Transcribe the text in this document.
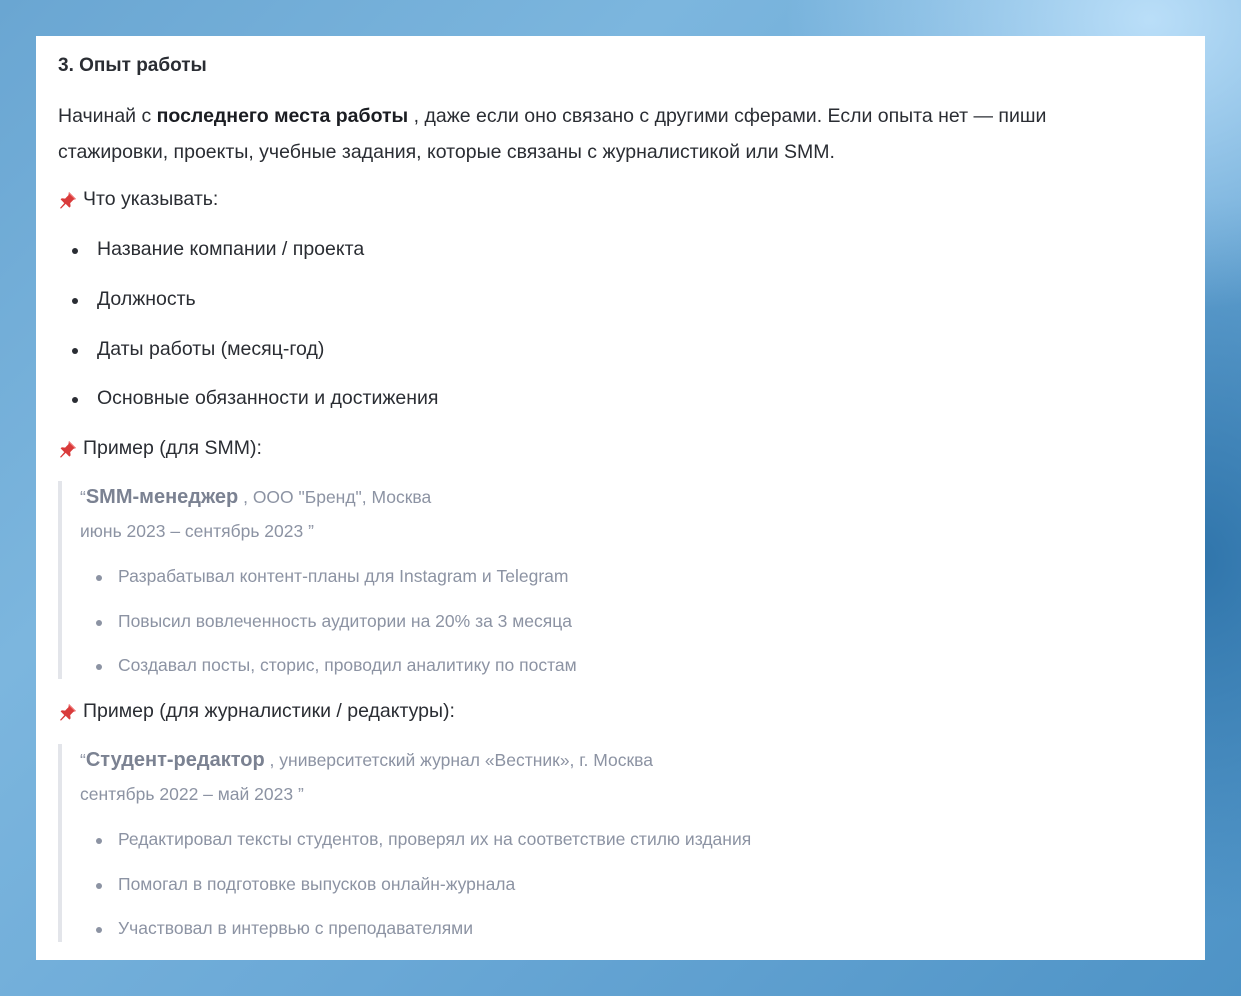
3. Опыт работы
Начинай с последнего места работы , даже если оно связано с другими сферами. Если опыта нет — пиши стажировки, проекты, учебные задания, которые связаны с журналистикой или SMM.
Что указывать:
Название компании / проекта
Должность
Даты работы (месяц-год)
Основные обязанности и достижения
Пример (для SMM):
“SMM-менеджер , ООО "Бренд", Москва
июнь 2023 – сентябрь 2023 ”
Разрабатывал контент-планы для Instagram и Telegram
Повысил вовлеченность аудитории на 20% за 3 месяца
Создавал посты, сторис, проводил аналитику по постам
Пример (для журналистики / редактуры):
“Студент-редактор , университетский журнал «Вестник», г. Москва
сентябрь 2022 – май 2023 ”
Редактировал тексты студентов, проверял их на соответствие стилю издания
Помогал в подготовке выпусков онлайн-журнала
Участвовал в интервью с преподавателями
